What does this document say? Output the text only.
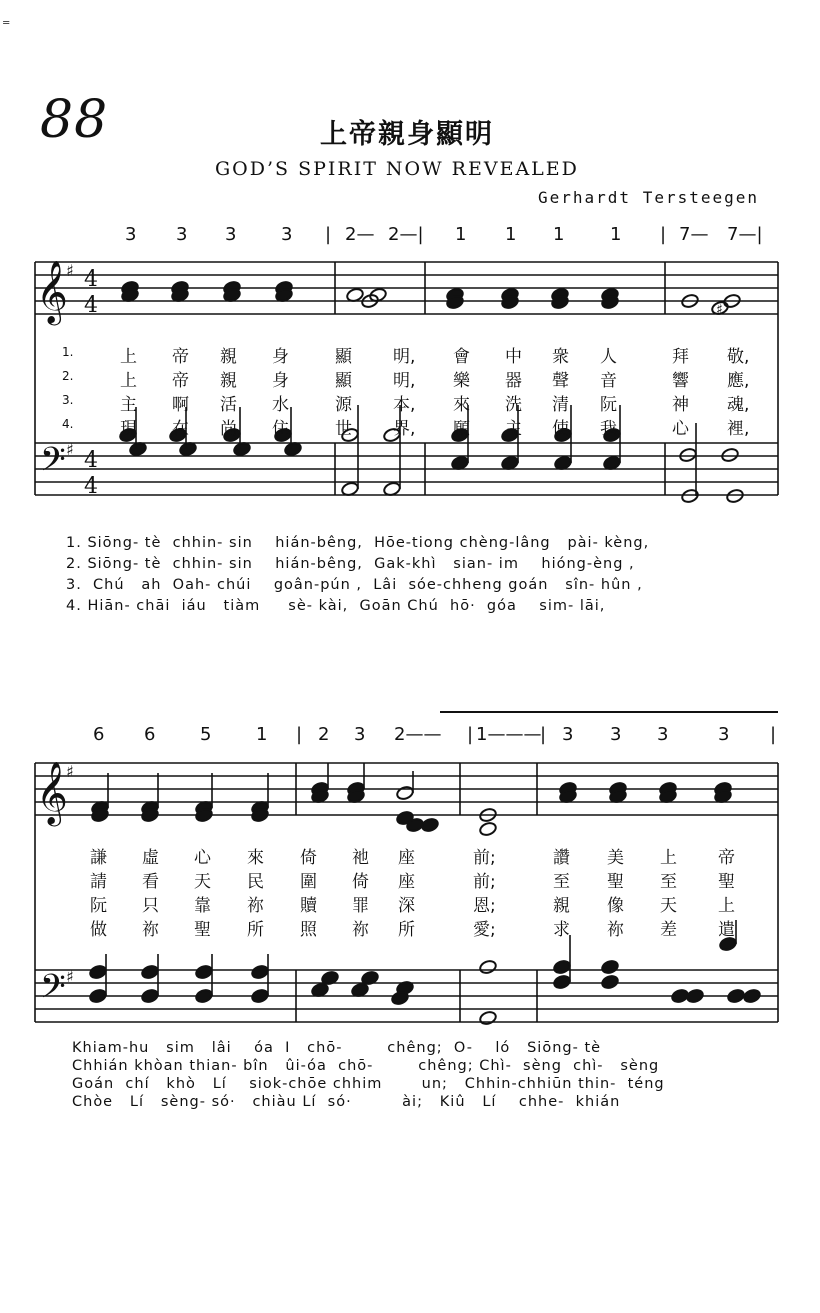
=
88	上帝親身顯明
GOD’S SPIRIT NOW REVEALED
Gerhardt Tersteegen
𝄞
𝄢
♯
♯
4
4
4
4
♯
𝄞
𝄢
♯
♯
3 3 3 3 | 2— 2—| 1 1 1	1 | 7— 7—|
1.
2.
3.
4.
上 帝 親 身	顯 明, 會 中 衆 人	拜 敬,
上 帝 親 身	顯 明, 樂 器 聲 音	響 應,
主 啊 活 水	源 本, 來 洗 清 阮	神 魂,
現 在 尚 住	世 界, 願 主 使 我	心 裡,
1. Siōng- tè  chhin- sin    hián-bêng,  Hōe-tiong chèng-lâng   pài- kèng,
2. Siōng- tè  chhin- sin    hián-bêng,  Gak-khì   sian- im    hióng-èng ,
3.  Chú   ah  Oah- chúi    goân-pún ,  Lâi  sóe-chheng goán   sîn- hûn ,
4. Hiān- chāi  iáu   tiàm     sè- kài,  Goān Chú  hō·  góa    sim- lāi,
6 6 5 1 | 2 3 2—— | 1———
| 3 3 3	3 |
謙 虛 心 來 倚 祂 座	前;	讚 美 上 帝
請 看 天 民 圍 倚 座	前;	至 聖 至 聖
阮 只 靠 祢 贖 罪 深	恩;	親 像 天 上
做 祢 聖 所 照 祢 所	愛;	求 祢 差 遣
Khiam-hu   sim   lâi    óa  I   chō-        chêng;  O-    ló   Siōng- tè
Chhián khòan thian- bîn   ûi-óa  chō-        chêng; Chì-  sèng  chì-   sèng
Goán  chí   khò   Lí    siok-chōe chhim       un;   Chhin-chhiūn thin-  téng
Chòe   Lí   sèng- só·   chiàu Lí  só·         ài;   Kiû   Lí    chhe-  khián
